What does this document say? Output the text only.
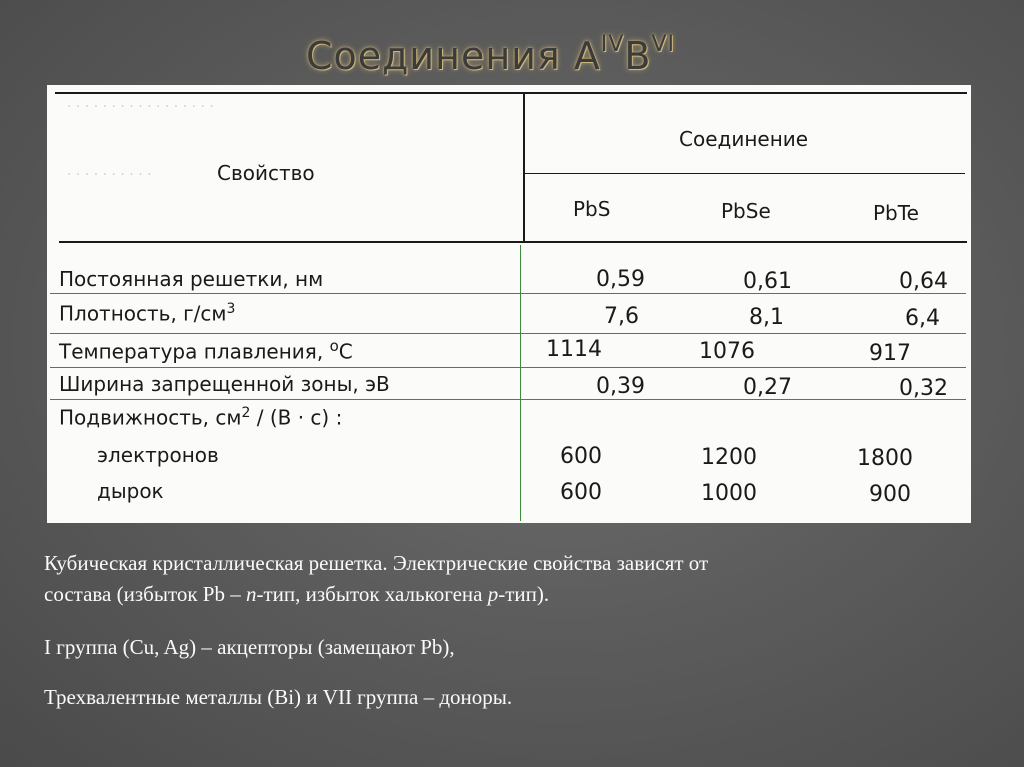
Соединения $A^{IV}B^{VI}$
· · · · · · · · · · · · · · · · ·
· · · · · · · · · ·	Свойство
Соединение
PbS	PbSe	PbTe
Постоянная решетки, нм	0,59	0,61	0,64
Плотность, $г/см^3$	7,6	8,1	6,4
Температура плавления, $^о$С	1114	1076	917
Ширина запрещенной зоны, эВ	0,39	0,27	0,32
Подвижность, $см^2 / (В \cdot с)$ :
электронов	600	1200	1800
дырок	600	1000	900
Кубическая кристаллическая решетка. Электрические свойства зависят от
состава (избыток Pb – n-тип, избыток халькогена p-тип).
I группа (Cu, Ag) – акцепторы (замещают Pb),
Трехвалентные металлы (Bi) и VII группа – доноры.
